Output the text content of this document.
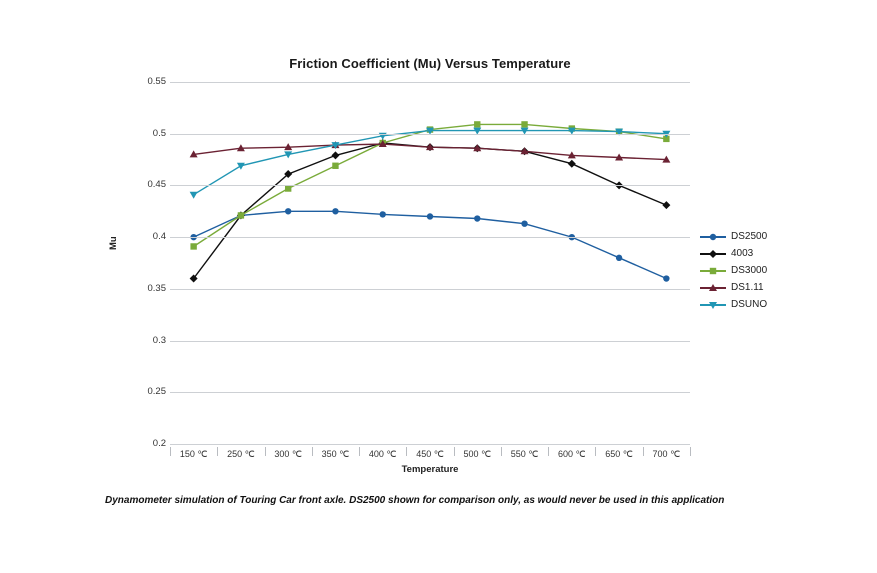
Friction Coefficient (Mu) Versus Temperature
Mu
0.2
0.25
0.3
0.35
0.4
0.45
0.5
0.55
150 ℃	250 ℃	300 ℃	350 ℃	400 ℃	450 ℃	500 ℃	550 ℃	600 ℃	650 ℃	700 ℃
Temperature
DS2500
4003
DS3000
DS1.11
DSUNO
Dynamometer simulation of Touring Car front axle. DS2500 shown for comparison only, as would never be used in this application
